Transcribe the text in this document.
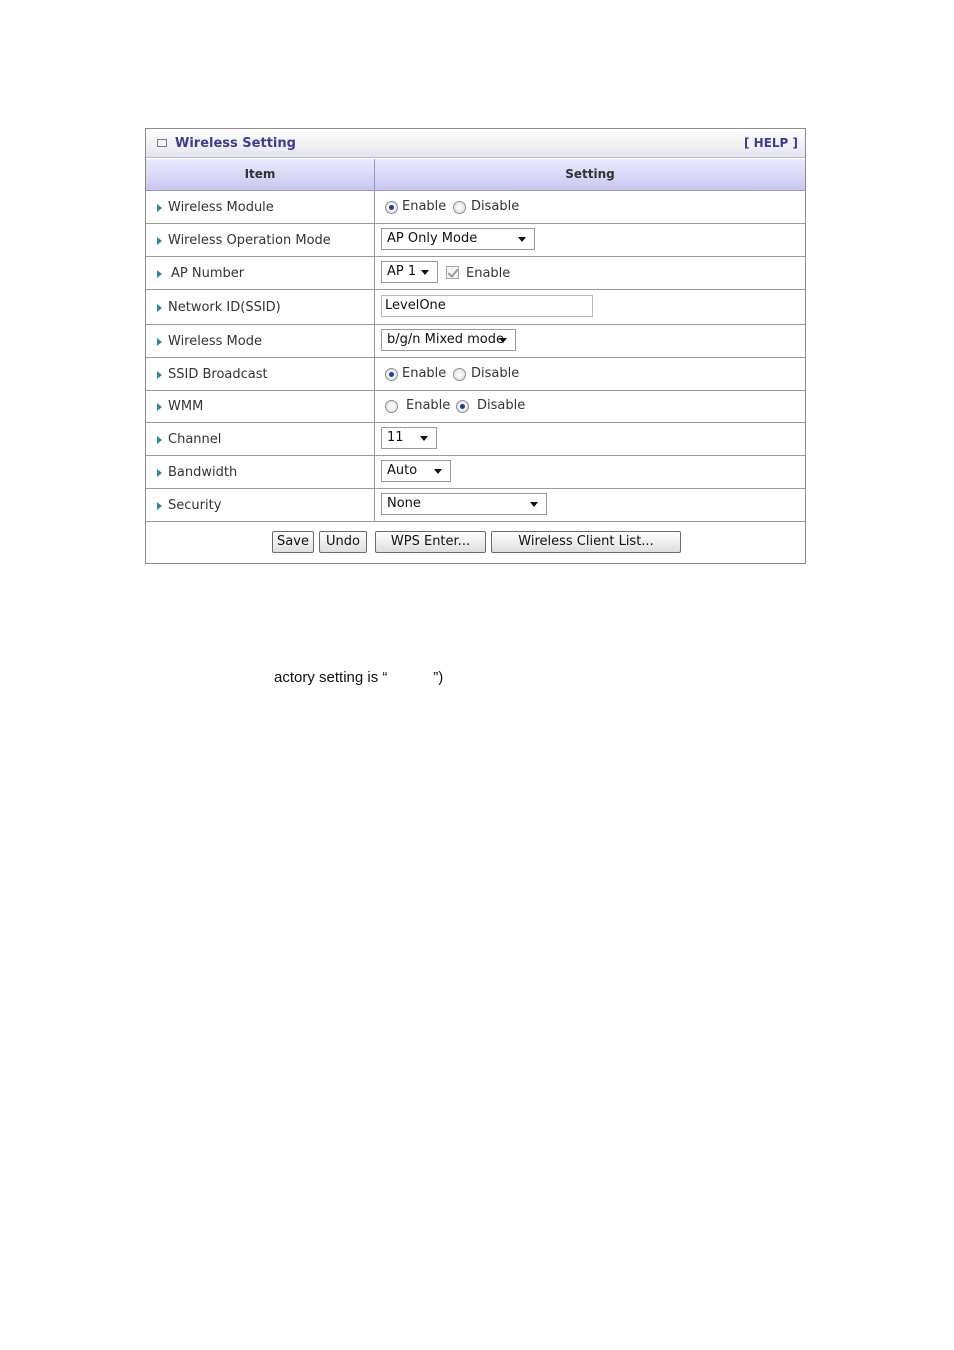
Wireless Setting	[ HELP ]
Item	Setting
Wireless Module	Enable Disable
Wireless Operation Mode	AP Only Mode
AP Number	AP 1	Enable
Network ID(SSID)	LevelOne
Wireless Mode	b/g/n Mixed mode
SSID Broadcast	Enable Disable
WMM	Enable Disable
Channel	11
Bandwidth	Auto
Security	None
Save	Undo	WPS Enter...	Wireless Client List...
actory setting is “           ”)
